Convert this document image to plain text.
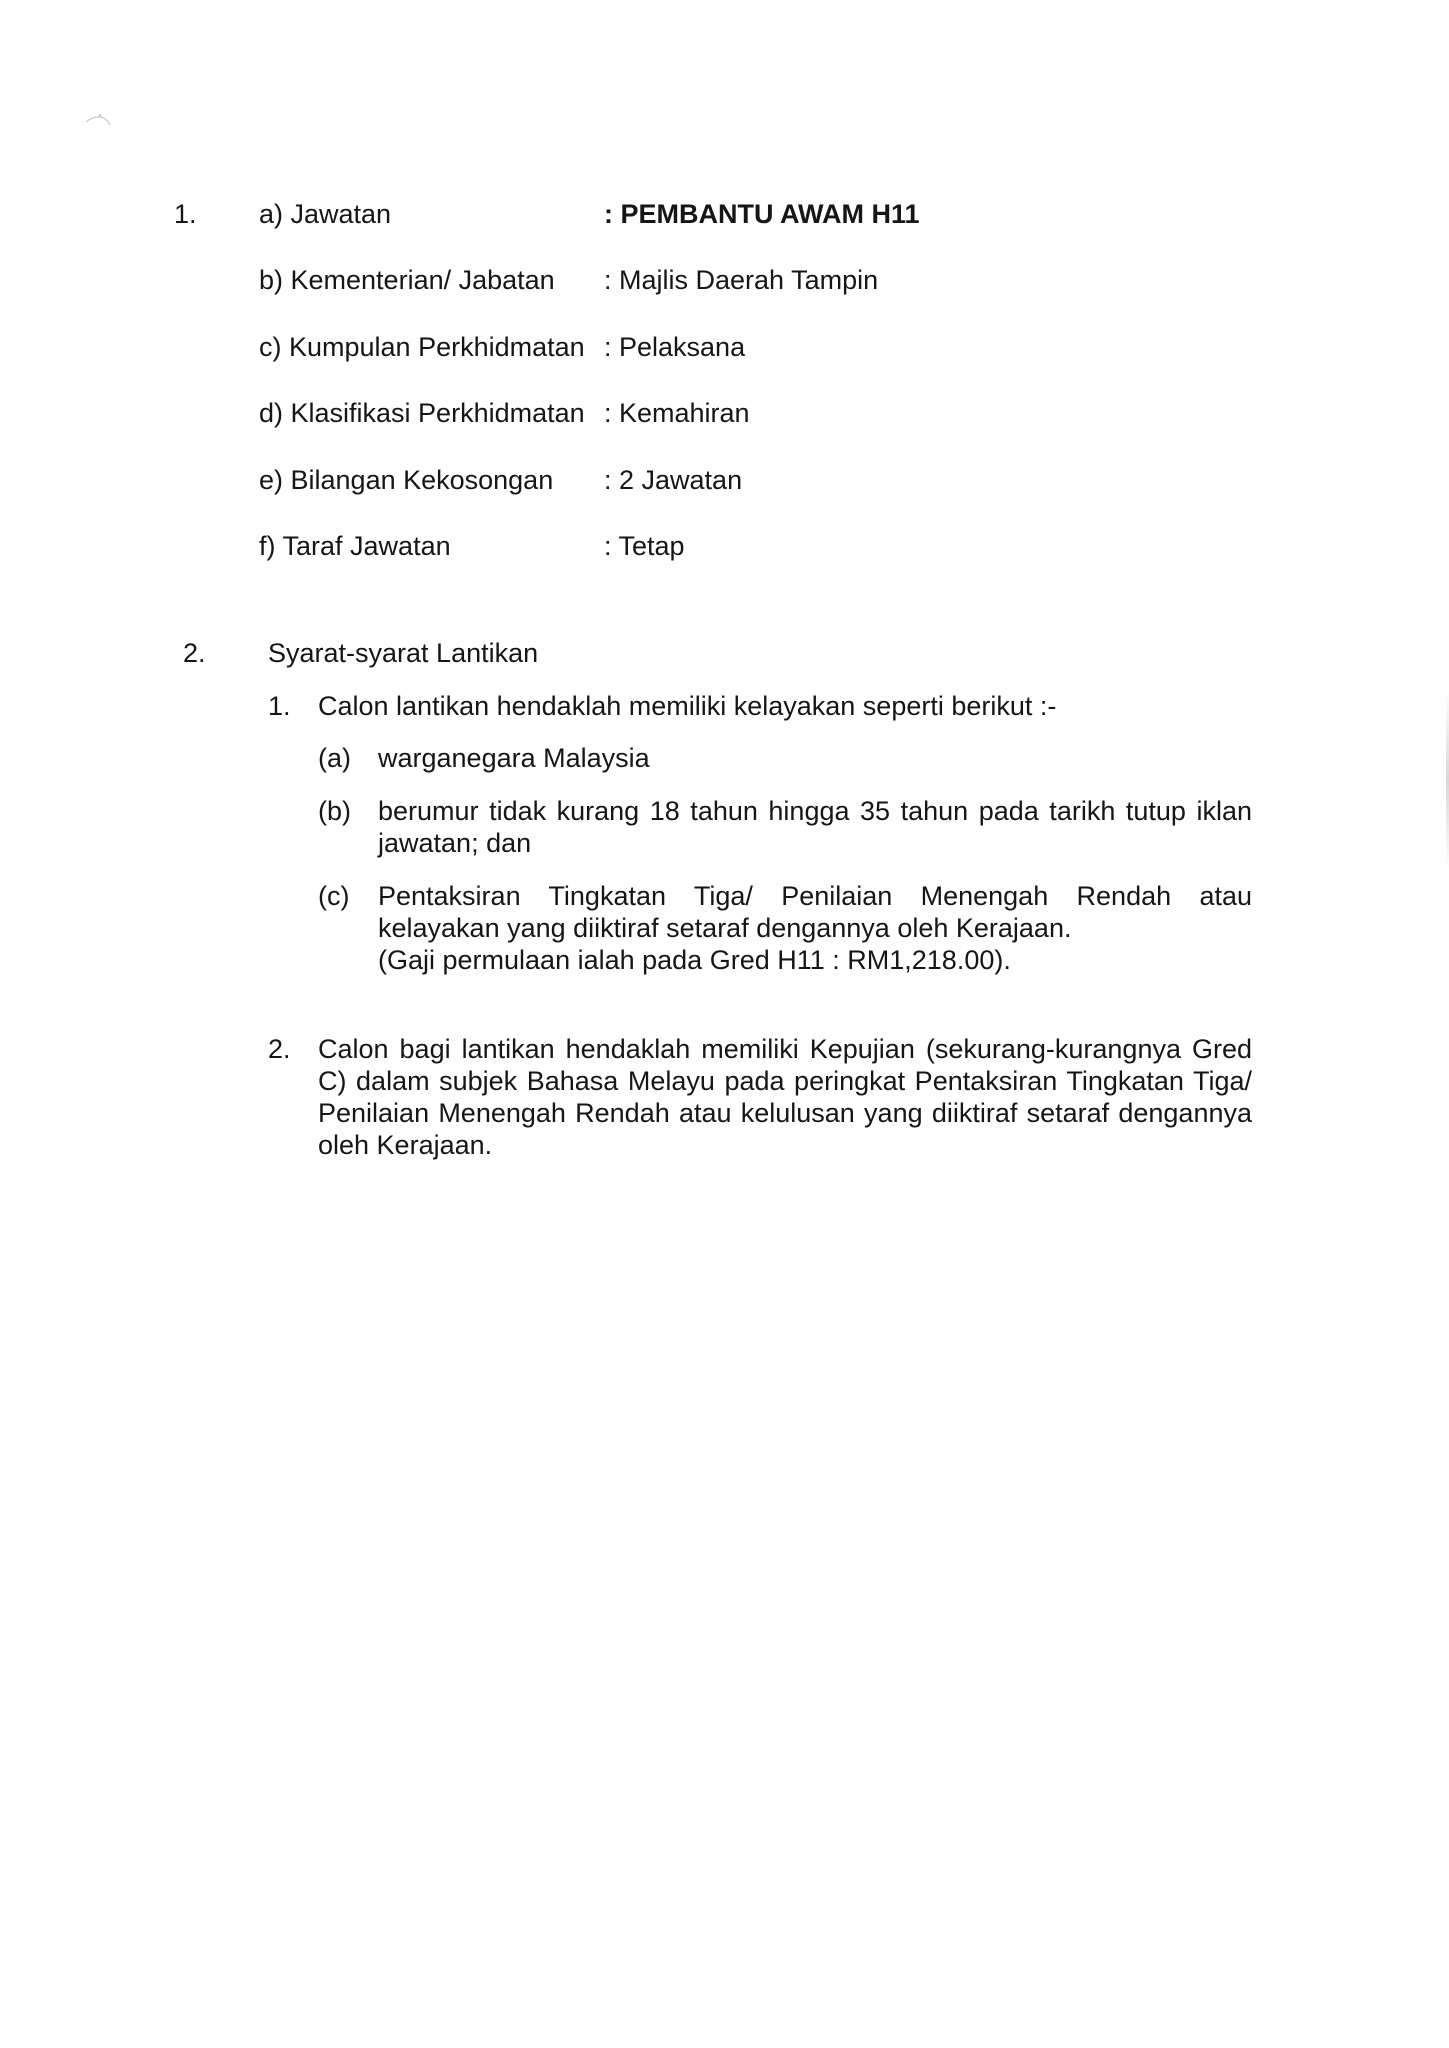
1. a) Jawatan	: PEMBANTU AWAM H11
b) Kementerian/ Jabatan : Majlis Daerah Tampin
c) Kumpulan Perkhidmatan : Pelaksana
d) Klasifikasi Perkhidmatan : Kemahiran
e) Bilangan Kekosongan : 2 Jawatan
f) Taraf Jawatan	: Tetap
2. Syarat-syarat Lantikan
1. Calon lantikan hendaklah memiliki kelayakan seperti berikut :-
(a) warganegara Malaysia
(b) berumur tidak kurang 18 tahun hingga 35 tahun pada tarikh tutup iklan jawatan; dan

(c) Pentaksiran Tingkatan Tiga/ Penilaian Menengah Rendah atau kelayakan yang diiktiraf setaraf dengannya oleh Kerajaan.

(Gaji permulaan ialah pada Gred H11 : RM1,218.00).
2. Calon bagi lantikan hendaklah memiliki Kepujian (sekurang-kurangnya Gred C) dalam subjek Bahasa Melayu pada peringkat Pentaksiran Tingkatan Tiga/ Penilaian Menengah Rendah atau kelulusan yang diiktiraf setaraf dengannya oleh Kerajaan.
